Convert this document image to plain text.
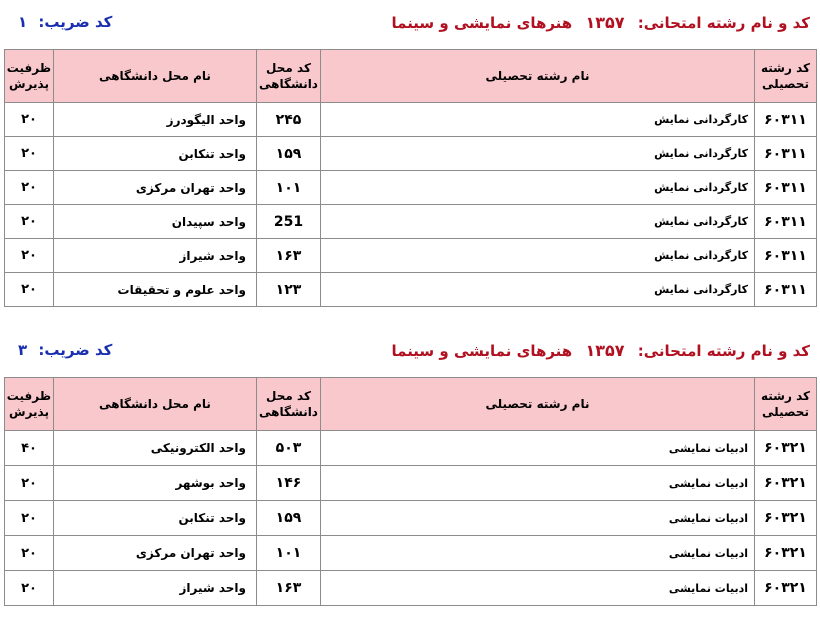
کد و نام رشته امتحانی: ۱۳۵۷ هنرهای نمایشی و سینما
کد ضریب: ۱
کد رشته تحصیلی	نام رشته تحصیلی	کد محل دانشگاهی	نام محل دانشگاهی	ظرفیت پذیرش
۶۰۳۱۱	کارگردانی نمایش	۲۴۵	واحد الیگودرز	۲۰
۶۰۳۱۱	کارگردانی نمایش	۱۵۹	واحد تنکابن	۲۰
۶۰۳۱۱	کارگردانی نمایش	۱۰۱	واحد تهران مرکزی	۲۰
۶۰۳۱۱	کارگردانی نمایش	251	واحد سپیدان	۲۰
۶۰۳۱۱	کارگردانی نمایش	۱۶۳	واحد شیراز	۲۰
۶۰۳۱۱	کارگردانی نمایش	۱۲۳	واحد علوم و تحقیقات	۲۰
کد و نام رشته امتحانی: ۱۳۵۷ هنرهای نمایشی و سینما
کد ضریب: ۳
کد رشته تحصیلی	نام رشته تحصیلی	کد محل دانشگاهی	نام محل دانشگاهی	ظرفیت پذیرش
۶۰۳۲۱	ادبیات نمایشی	۵۰۳	واحد الکترونیکی	۴۰
۶۰۳۲۱	ادبیات نمایشی	۱۴۶	واحد بوشهر	۲۰
۶۰۳۲۱	ادبیات نمایشی	۱۵۹	واحد تنکابن	۲۰
۶۰۳۲۱	ادبیات نمایشی	۱۰۱	واحد تهران مرکزی	۲۰
۶۰۳۲۱	ادبیات نمایشی	۱۶۳	واحد شیراز	۲۰
